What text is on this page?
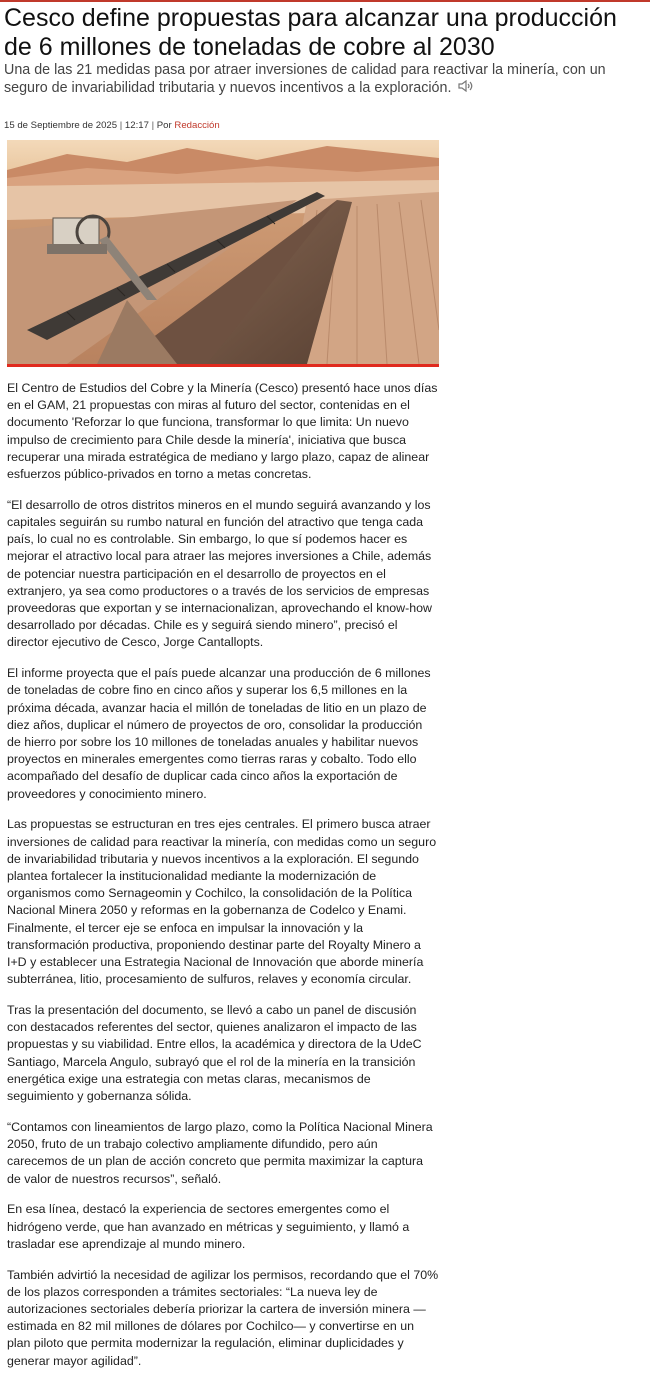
Cesco define propuestas para alcanzar una producción de 6 millones de toneladas de cobre al 2030

Una de las 21 medidas pasa por atraer inversiones de calidad para reactivar la minería, con un seguro de invariabilidad tributaria y nuevos incentivos a la exploración.

15 de Septiembre de 2025 | 12:17 | Por Redacción

El Centro de Estudios del Cobre y la Minería (Cesco) presentó hace unos días en el GAM, 21 propuestas con miras al futuro del sector, contenidas en el documento 'Reforzar lo que funciona, transformar lo que limita: Un nuevo impulso de crecimiento para Chile desde la minería', iniciativa que busca recuperar una mirada estratégica de mediano y largo plazo, capaz de alinear esfuerzos público-privados en torno a metas concretas.

“El desarrollo de otros distritos mineros en el mundo seguirá avanzando y los capitales seguirán su rumbo natural en función del atractivo que tenga cada país, lo cual no es controlable. Sin embargo, lo que sí podemos hacer es mejorar el atractivo local para atraer las mejores inversiones a Chile, además de potenciar nuestra participación en el desarrollo de proyectos en el extranjero, ya sea como productores o a través de los servicios de empresas proveedoras que exportan y se internacionalizan, aprovechando el know-how desarrollado por décadas. Chile es y seguirá siendo minero”, precisó el director ejecutivo de Cesco, Jorge Cantallopts.

El informe proyecta que el país puede alcanzar una producción de 6 millones de toneladas de cobre fino en cinco años y superar los 6,5 millones en la próxima década, avanzar hacia el millón de toneladas de litio en un plazo de diez años, duplicar el número de proyectos de oro, consolidar la producción de hierro por sobre los 10 millones de toneladas anuales y habilitar nuevos proyectos en minerales emergentes como tierras raras y cobalto. Todo ello acompañado del desafío de duplicar cada cinco años la exportación de proveedores y conocimiento minero.

Las propuestas se estructuran en tres ejes centrales. El primero busca atraer inversiones de calidad para reactivar la minería, con medidas como un seguro de invariabilidad tributaria y nuevos incentivos a la exploración. El segundo plantea fortalecer la institucionalidad mediante la modernización de organismos como Sernageomin y Cochilco, la consolidación de la Política Nacional Minera 2050 y reformas en la gobernanza de Codelco y Enami. Finalmente, el tercer eje se enfoca en impulsar la innovación y la transformación productiva, proponiendo destinar parte del Royalty Minero a I+D y establecer una Estrategia Nacional de Innovación que aborde minería subterránea, litio, procesamiento de sulfuros, relaves y economía circular.

Tras la presentación del documento, se llevó a cabo un panel de discusión con destacados referentes del sector, quienes analizaron el impacto de las propuestas y su viabilidad. Entre ellos, la académica y directora de la UdeC Santiago, Marcela Angulo, subrayó que el rol de la minería en la transición energética exige una estrategia con metas claras, mecanismos de seguimiento y gobernanza sólida.

“Contamos con lineamientos de largo plazo, como la Política Nacional Minera 2050, fruto de un trabajo colectivo ampliamente difundido, pero aún carecemos de un plan de acción concreto que permita maximizar la captura de valor de nuestros recursos”, señaló.

En esa línea, destacó la experiencia de sectores emergentes como el hidrógeno verde, que han avanzado en métricas y seguimiento, y llamó a trasladar ese aprendizaje al mundo minero.

También advirtió la necesidad de agilizar los permisos, recordando que el 70% de los plazos corresponden a trámites sectoriales: “La nueva ley de autorizaciones sectoriales debería priorizar la cartera de inversión minera —estimada en 82 mil millones de dólares por Cochilco— y convertirse en un plan piloto que permita modernizar la regulación, eliminar duplicidades y generar mayor agilidad”.
